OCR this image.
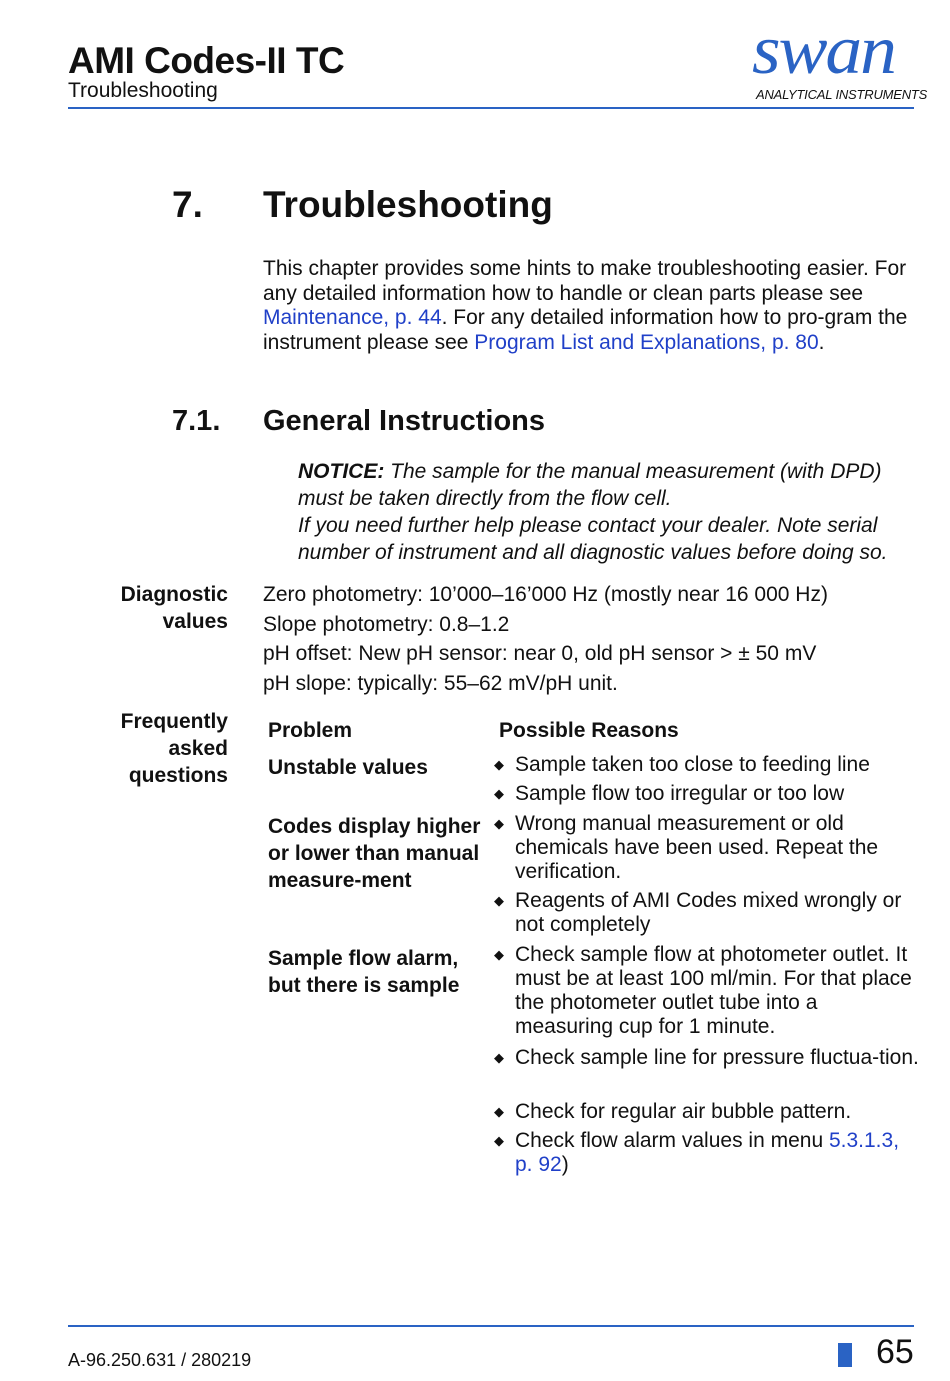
AMI Codes-II TC
Troubleshooting
swan
ANALYTICAL INSTRUMENTS
7. Troubleshooting
This chapter provides some hints to make troubleshooting easier. For any detailed information how to handle or clean parts please see Maintenance, p. 44. For any detailed information how to pro-gram the instrument please see Program List and Explanations, p. 80.
7.1. General Instructions
NOTICE: The sample for the manual measurement (with DPD) must be taken directly from the flow cell.
If you need further help please contact your dealer. Note serial number of instrument and all diagnostic values before doing so.
Diagnostic
values
Zero photometry: 10’000–16’000 Hz (mostly near 16 000 Hz)
Slope photometry: 0.8–1.2
pH offset: New pH sensor: near 0, old pH sensor > ± 50 mV
pH slope: typically: 55–62 mV/pH unit.
Frequently
asked
questions
Problem	Possible Reasons
Unstable values
Codes display higher or lower than manual measure-ment
Sample flow alarm, but there is sample
◆ Sample taken too close to feeding line
◆ Sample flow too irregular or too low
◆ Wrong manual measurement or old chemicals have been used. Repeat the verification.
◆ Reagents of AMI Codes mixed wrongly or not completely
◆ Check sample flow at photometer outlet. It must be at least 100 ml/min. For that place the photometer outlet tube into a measuring cup for 1 minute.
◆ Check sample line for pressure fluctua-tion.
◆ Check for regular air bubble pattern.
◆ Check flow alarm values in menu 5.3.1.3, p. 92)
A-96.250.631 / 280219	65
